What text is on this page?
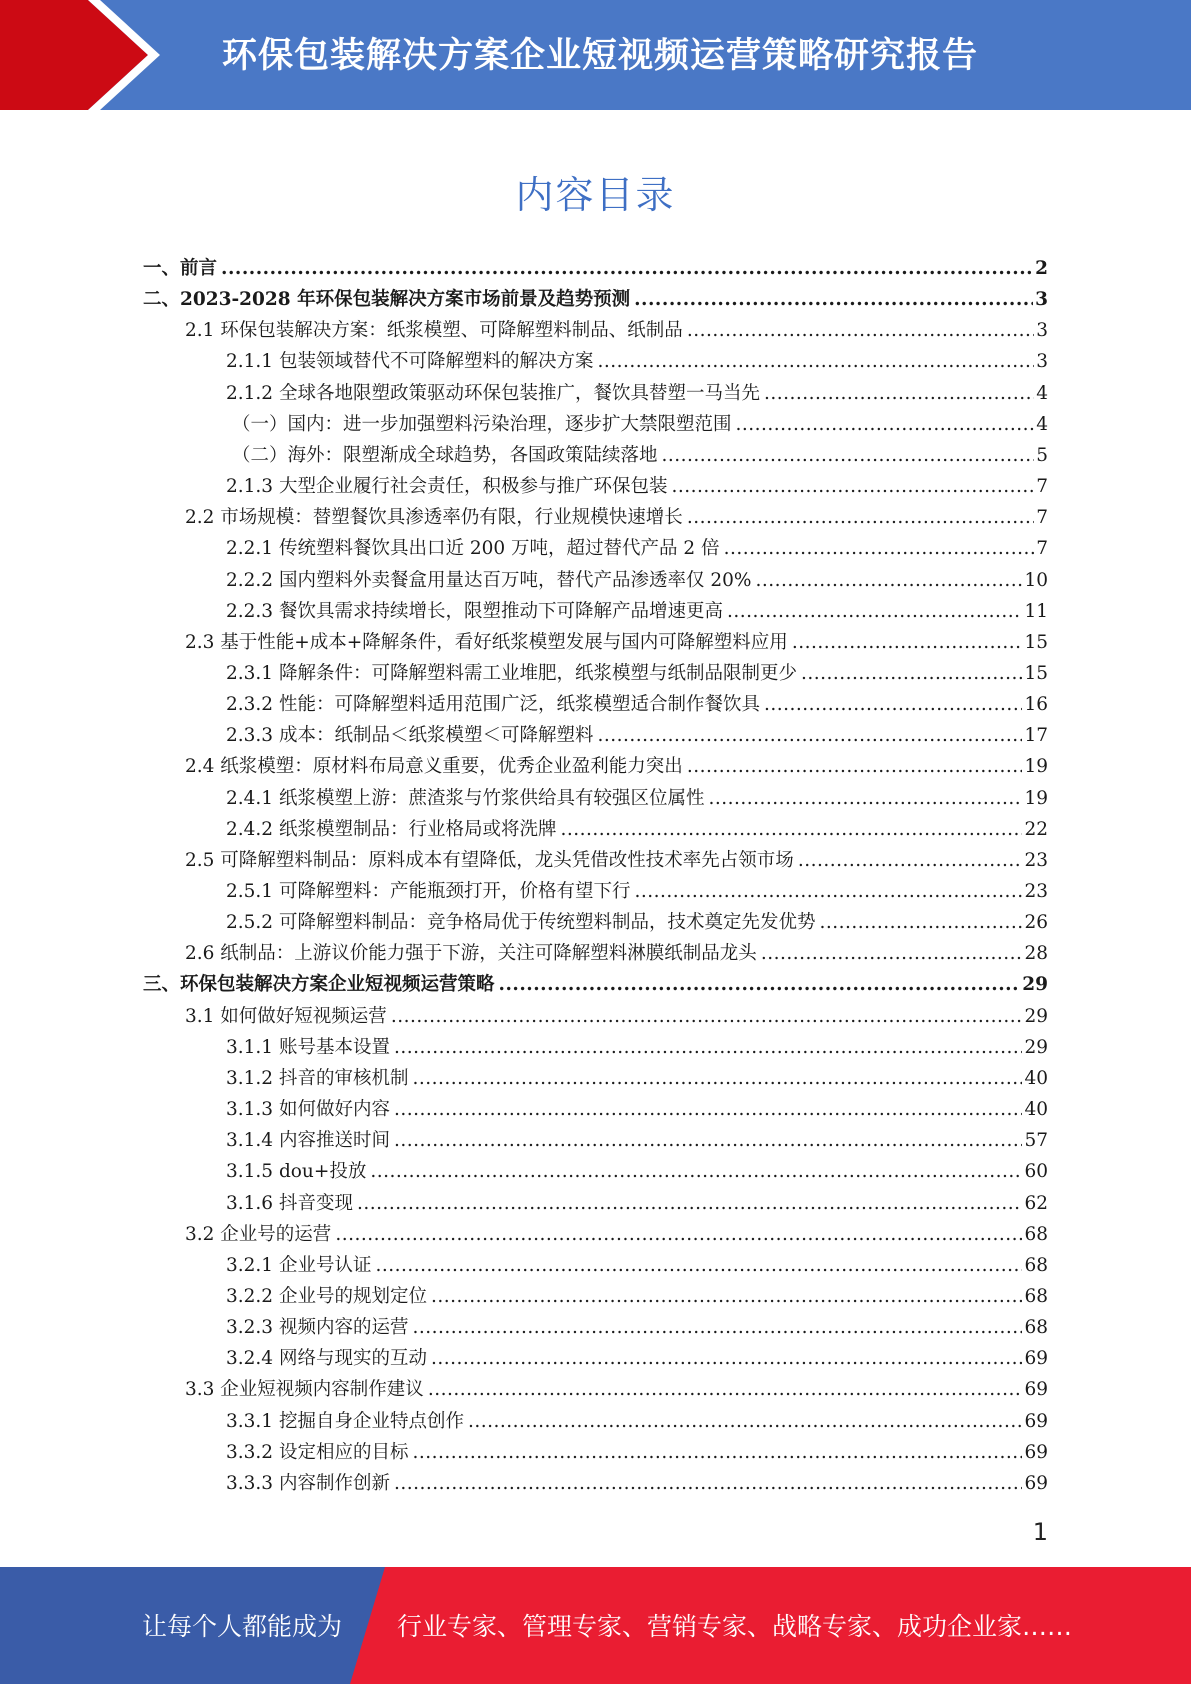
环保包装解决方案企业短视频运营策略研究报告
内容目录
一、前言 .....	2
二、2023-2028 年环保包装解决方案市场前景及趋势预测 .....	3
2.1 环保包装解决方案：纸浆模塑、可降解塑料制品、纸制品 .....	3
2.1.1 包装领域替代不可降解塑料的解决方案 .....	3
2.1.2 全球各地限塑政策驱动环保包装推广，餐饮具替塑一马当先 .....	4
（一）国内：进一步加强塑料污染治理，逐步扩大禁限塑范围 .....	4
（二）海外：限塑渐成全球趋势，各国政策陆续落地 .....	5
2.1.3 大型企业履行社会责任，积极参与推广环保包装 .....	7
2.2 市场规模：替塑餐饮具渗透率仍有限，行业规模快速增长 .....	7
2.2.1 传统塑料餐饮具出口近 200 万吨，超过替代产品 2 倍 .....	7
2.2.2 国内塑料外卖餐盒用量达百万吨，替代产品渗透率仅 20% .....	10
2.2.3 餐饮具需求持续增长，限塑推动下可降解产品增速更高 .....	11
2.3 基于性能+成本+降解条件，看好纸浆模塑发展与国内可降解塑料应用 .....	15
2.3.1 降解条件：可降解塑料需工业堆肥，纸浆模塑与纸制品限制更少 .....	15
2.3.2 性能：可降解塑料适用范围广泛，纸浆模塑适合制作餐饮具 .....	16
2.3.3 成本：纸制品＜纸浆模塑＜可降解塑料 .....	17
2.4 纸浆模塑：原材料布局意义重要，优秀企业盈利能力突出 .....	19
2.4.1 纸浆模塑上游：蔗渣浆与竹浆供给具有较强区位属性 .....	19
2.4.2 纸浆模塑制品：行业格局或将洗牌 .....	22
2.5 可降解塑料制品：原料成本有望降低，龙头凭借改性技术率先占领市场 .....	23
2.5.1 可降解塑料：产能瓶颈打开，价格有望下行 .....	23
2.5.2 可降解塑料制品：竞争格局优于传统塑料制品，技术奠定先发优势 .....	26
2.6 纸制品：上游议价能力强于下游，关注可降解塑料淋膜纸制品龙头 .....	28
三、环保包装解决方案企业短视频运营策略 .....	29
3.1 如何做好短视频运营 .....	29
3.1.1 账号基本设置 .....	29
3.1.2 抖音的审核机制 .....	40
3.1.3 如何做好内容 .....	40
3.1.4 内容推送时间 .....	57
3.1.5 dou+投放 .....	60
3.1.6 抖音变现 .....	62
3.2 企业号的运营 .....	68
3.2.1 企业号认证 .....	68
3.2.2 企业号的规划定位 .....	68
3.2.3 视频内容的运营 .....	68
3.2.4 网络与现实的互动 .....	69
3.3 企业短视频内容制作建议 .....	69
3.3.1 挖掘自身企业特点创作 .....	69
3.3.2 设定相应的目标 .....	69
3.3.3 内容制作创新 .....	69
1
让每个人都能成为 行业专家、管理专家、营销专家、战略专家、成功企业家……
